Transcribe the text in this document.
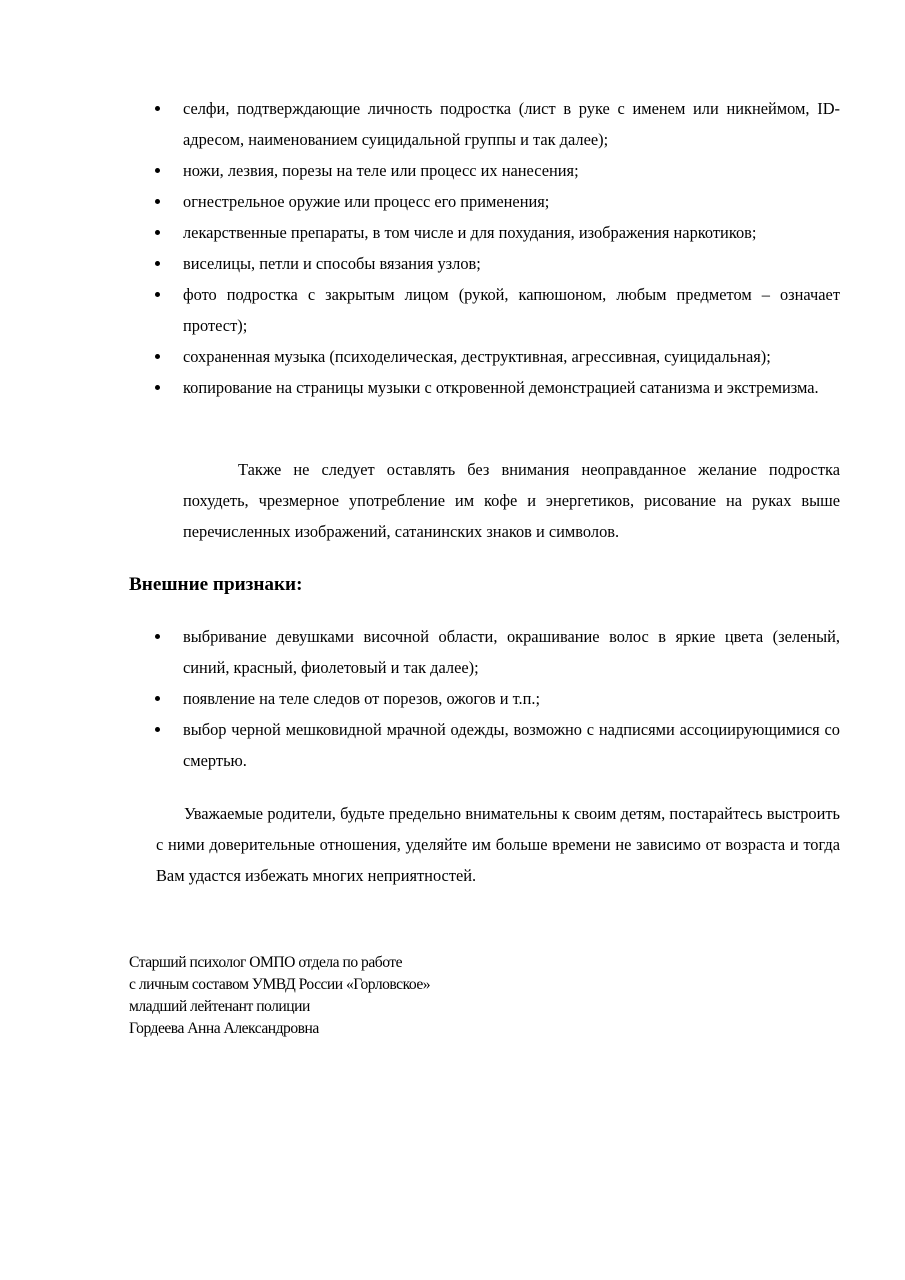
селфи, подтверждающие личность подростка (лист в руке с именем или никнеймом, ID-адресом, наименованием суицидальной группы и так далее);
ножи, лезвия, порезы на теле или процесс их нанесения;
огнестрельное оружие или процесс его применения;
лекарственные препараты, в том числе и для похудания, изображения наркотиков;
виселицы, петли и способы вязания узлов;
фото подростка с закрытым лицом (рукой, капюшоном, любым предметом – означает протест);
сохраненная музыка (психоделическая, деструктивная, агрессивная, суицидальная);
копирование на страницы музыки с откровенной демонстрацией сатанизма и экстремизма.

Также не следует оставлять без внимания неоправданное желание подростка похудеть, чрезмерное употребление им кофе и энергетиков, рисование на руках выше перечисленных изображений, сатанинских знаков и символов.

Внешние признаки:
выбривание девушками височной области, окрашивание волос в яркие цвета (зеленый, синий, красный, фиолетовый и так далее);
появление на теле следов от порезов, ожогов и т.п.;
выбор черной мешковидной мрачной одежды, возможно с надписями ассоциирующимися со смертью.

Уважаемые родители, будьте предельно внимательны к своим детям, постарайтесь выстроить с ними доверительные отношения, уделяйте им больше времени не зависимо от возраста и тогда Вам удастся избежать многих неприятностей.

Старший психолог ОМПО отдела по работе
с личным составом УМВД России «Горловское»
младший лейтенант полиции
Гордеева Анна Александровна
